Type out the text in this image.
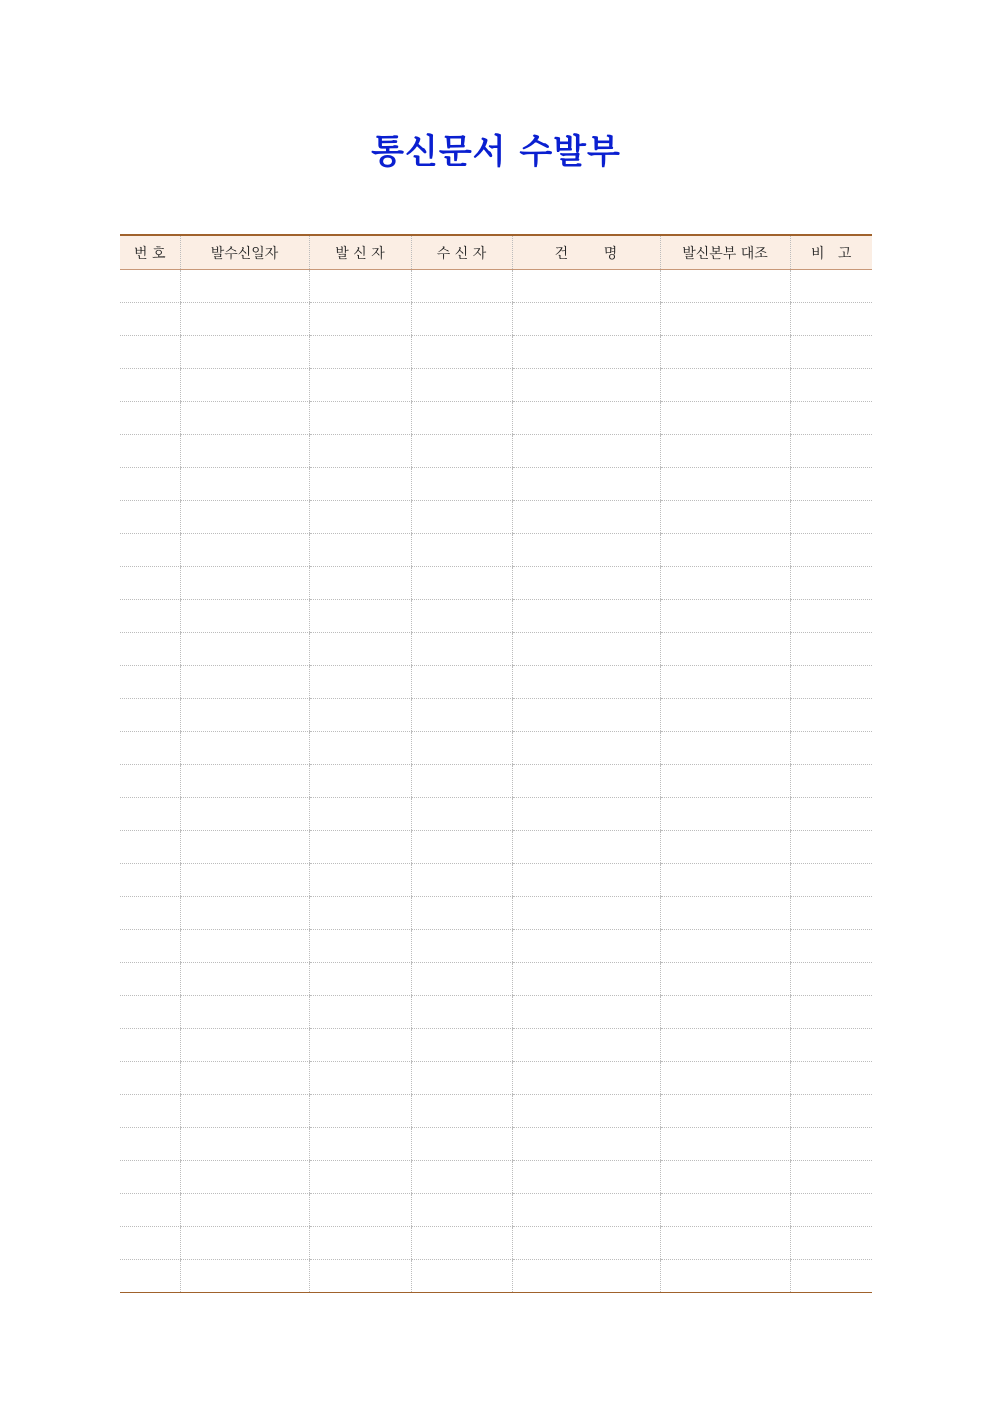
통신문서 수발부
번 호	발수신일자	발 신 자	수 신 자	건        명	발신본부 대조	비   고
